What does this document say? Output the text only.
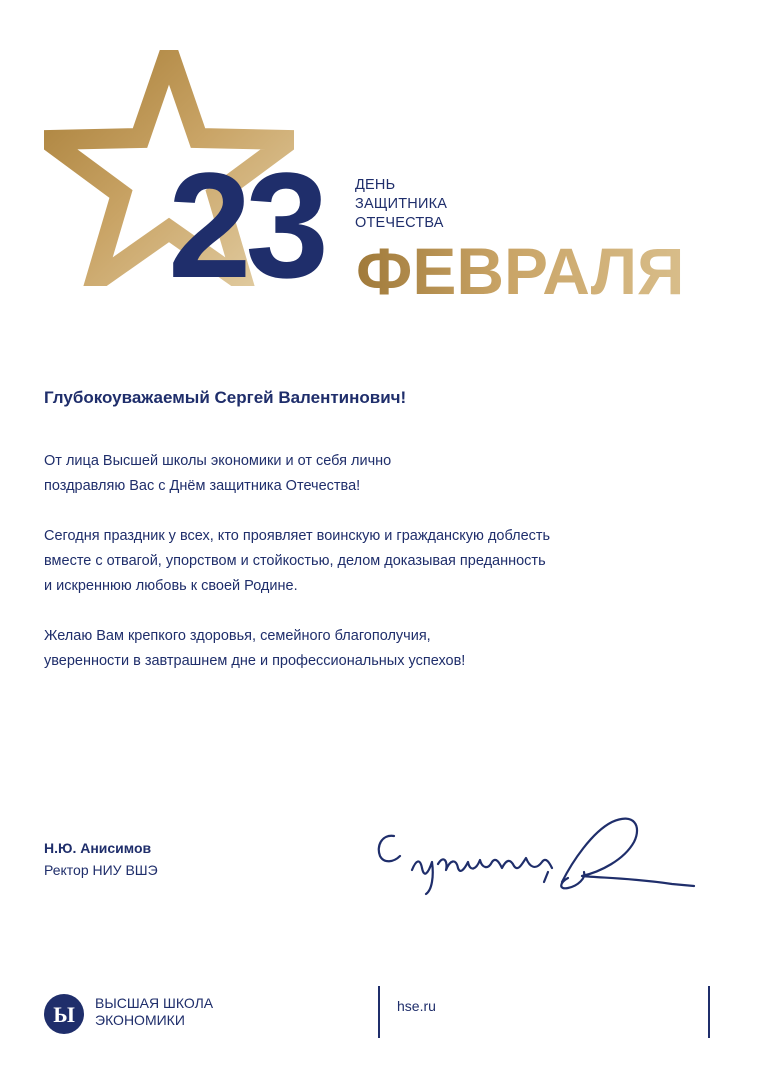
23 ДЕНЬ
ЗАЩИТНИКА
ОТЕЧЕСТВА
ФЕВРАЛЯ
Глубокоуважаемый Сергей Валентинович!
От лица Высшей школы экономики и от себя лично
поздравляю Вас с Днём защитника Отечества!
Сегодня праздник у всех, кто проявляет воинскую и гражданскую доблесть
вместе с отвагой, упорством и стойкостью, делом доказывая преданность
и искреннюю любовь к своей Родине.
Желаю Вам крепкого здоровья, семейного благополучия,
уверенности в завтрашнем дне и профессиональных успехов!
Н.Ю. Анисимов
Ректор НИУ ВШЭ
Ы ВЫСШАЯ ШКОЛА
ЭКОНОМИКИ
hse.ru
